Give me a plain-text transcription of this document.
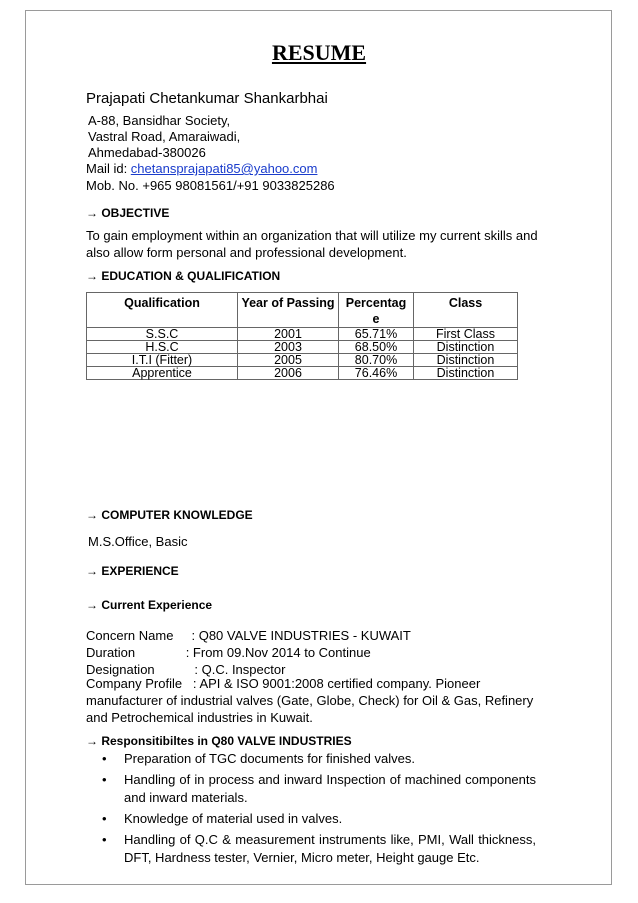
RESUME
Prajapati Chetankumar Shankarbhai
A-88, Bansidhar Society,
Vastral Road, Amaraiwadi,
Ahmedabad-380026
Mail id: chetansprajapati85@yahoo.com
Mob. No. +965 98081561/+91 9033825286
→ OBJECTIVE
To gain employment within an organization that will utilize my current skills and also allow form personal and professional development.
→ EDUCATION & QUALIFICATION
Qualification	Year of Passing	Percentag e	Class
S.S.C	2001	65.71%	First Class
H.S.C	2003	68.50%	Distinction
I.T.I (Fitter)	2005	80.70%	Distinction
Apprentice	2006	76.46%	Distinction
→ COMPUTER KNOWLEDGE
M.S.Office, Basic
→ EXPERIENCE
→ Current Experience
Concern Name     : Q80 VALVE INDUSTRIES - KUWAIT
Duration              : From 09.Nov 2014 to Continue
Designation           : Q.C. Inspector
Company Profile   : API & ISO 9001:2008 certified company. Pioneer manufacturer of industrial valves (Gate, Globe, Check) for Oil & Gas, Refinery and Petrochemical industries in Kuwait.
→ Responsitibiltes in Q80 VALVE INDUSTRIES
• Preparation of TGC documents for finished valves.
• Handling of in process and inward Inspection of machined components and inward materials.
• Knowledge of material used in valves.
• Handling of Q.C & measurement instruments like, PMI, Wall thickness, DFT, Hardness tester, Vernier, Micro meter, Height gauge Etc.
